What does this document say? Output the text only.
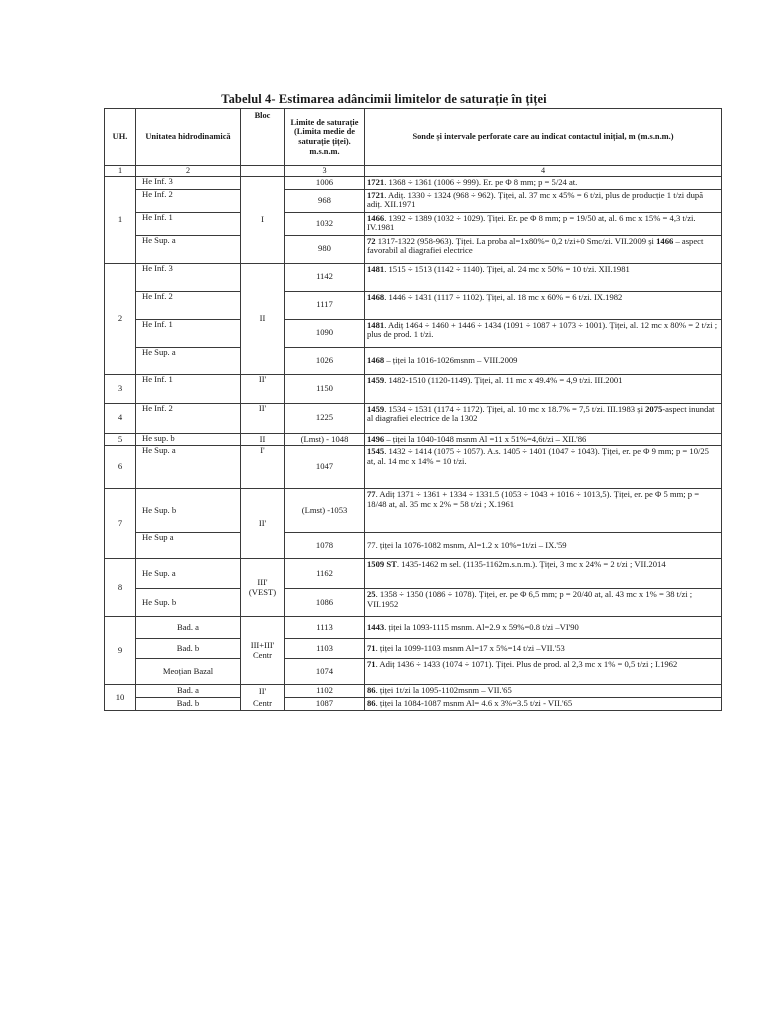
Tabelul 4- Estimarea adâncimii limitelor de saturație în țiței
UH.	Unitatea hidrodinamică	Bloc	Limite de saturație (Limita medie de saturație țiței). m.s.n.m.	Sonde și intervale perforate care au indicat contactul inițial, m (m.s.n.m.)
1	2		3	4
1	He Inf. 3	I	1006	1721. 1368 ÷ 1361 (1006 ÷ 999). Er. pe Φ 8 mm; p = 5/24 at.
	He Inf. 2		968	1721. Adiț. 1330 ÷ 1324 (968 ÷ 962). Țiței, al. 37 mc x 45% = 6 t/zi, plus de producție 1 t/zi după adiț. XII.1971
	He Inf. 1		1032	1466. 1392 ÷ 1389 (1032 ÷ 1029). Țiței. Er. pe Φ 8 mm; p = 19/50 at, al. 6 mc x 15% = 4,3 t/zi. IV.1981
	He Sup. a		980	72 1317-1322 (958-963). Țiței. La proba al=1x80%= 0,2 t/zi+0 Smc/zi. VII.2009 și 1466 – aspect favorabil al diagrafiei electrice
2	He Inf. 3	II	1142	1481. 1515 ÷ 1513 (1142 ÷ 1140). Țiței, al. 24 mc x 50% = 10 t/zi. XII.1981
	He Inf. 2		1117	1468. 1446 ÷ 1431 (1117 ÷ 1102). Țiței, al. 18 mc x 60% = 6 t/zi. IX.1982
	He Inf. 1		1090	1481. Adiț 1464 ÷ 1460 + 1446 ÷ 1434 (1091 ÷ 1087 + 1073 ÷ 1001). Țiței, al. 12 mc x 80% = 2 t/zi ; plus de prod. 1 t/zi.
	He Sup. a		1026	1468 – țiței la 1016-1026msnm – VIII.2009
3	He Inf. 1	II'	1150	1459. 1482-1510 (1120-1149). Țiței, al. 11 mc x 49.4% = 4,9 t/zi. III.2001
4	He Inf. 2	II'	1225	1459. 1534 ÷ 1531 (1174 ÷ 1172). Țiței, al. 10 mc x 18.7% = 7,5 t/zi. III.1983 și 2075-aspect inundat al diagrafiei electrice de la 1302
5	He sup. b	II	(Lmst) - 1048	1496 – țiței la 1040-1048 msnm Al =11 x 51%=4,6t/zi – XII.'86
6	He Sup. a	I'	1047	1545. 1432 ÷ 1414 (1075 ÷ 1057). A.s. 1405 ÷ 1401 (1047 ÷ 1043). Țiței, er. pe Φ 9 mm; p = 10/25 at, al. 14 mc x 14% = 10 t/zi.
7	He Sup. b	II'	(Lmst) -1053	77. Adiț 1371 ÷ 1361 + 1334 ÷ 1331.5 (1053 ÷ 1043 + 1016 ÷ 1013,5). Țiței, er. pe Φ 5 mm; p = 18/48 at, al. 35 mc x 2% = 58 t/zi ; X.1961
	He Sup a		1078	77. țiței la 1076-1082 msnm, Al=1.2 x 10%=1t/zi – IX.'59
8	He Sup. a	III' (VEST)	1162	1509 ST. 1435-1462 m sel. (1135-1162m.s.n.m.). Țiței, 3 mc x 24% = 2 t/zi ; VII.2014
	He Sup. b		1086	25. 1358 ÷ 1350 (1086 ÷ 1078). Țiței, er. pe Φ 6,5 mm; p = 20/40 at, al. 43 mc x 1% = 38 t/zi ; VII.1952
9	Bad. a	III+III' Centr	1113	1443. țiței la 1093-1115 msnm. Al=2.9 x 59%=0.8 t/zi –VI'90
	Bad. b		1103	71. țiței la 1099-1103 msnm Al=17 x 5%=14 t/zi –VII.'53
	Meoțian Bazal		1074	71. Adiț 1436 ÷ 1433 (1074 ÷ 1071). Țiței. Plus de prod. al 2,3 mc x 1% = 0,5 t/zi ; I.1962
10	Bad. a	II'	1102	86. țiței 1t/zi la 1095-1102msnm – VII.'65
	Bad. b	Centr	1087	86. țiței la 1084-1087 msnm Al= 4.6 x 3%=3.5 t/zi - VII.'65
